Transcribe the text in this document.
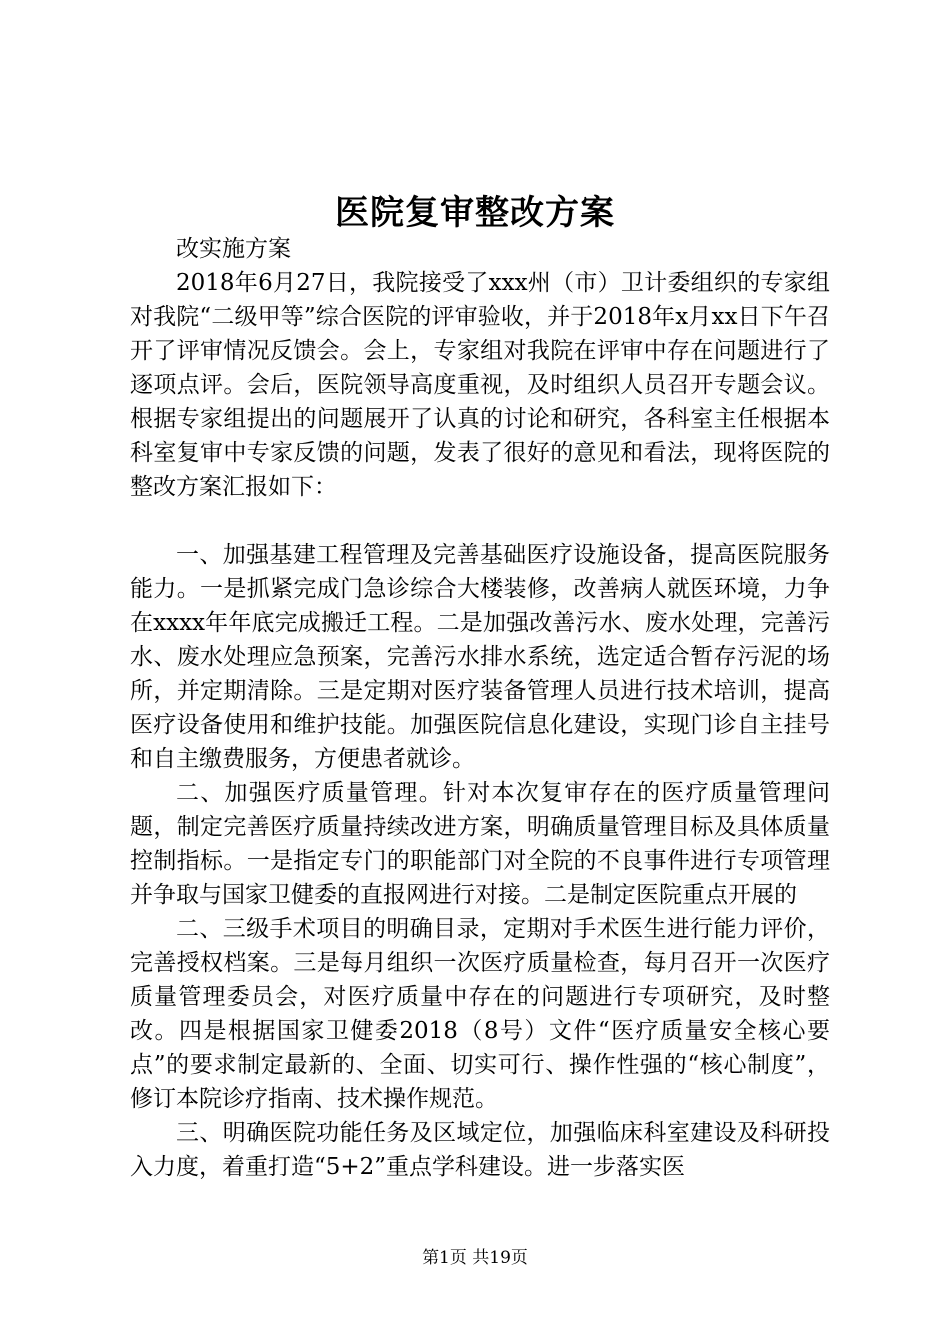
医院复审整改方案

改实施方案

2018年6月27日，我院接受了xxx州（市）卫计委组织的专家组对我院“二级甲等”综合医院的评审验收，并于2018年x月xx日下午召开了评审情况反馈会。会上，专家组对我院在评审中存在问题进行了逐项点评。会后，医院领导高度重视，及时组织人员召开专题会议。根据专家组提出的问题展开了认真的讨论和研究，各科室主任根据本科室复审中专家反馈的问题，发表了很好的意见和看法，现将医院的整改方案汇报如下：

一、加强基建工程管理及完善基础医疗设施设备，提高医院服务能力。一是抓紧完成门急诊综合大楼装修，改善病人就医环境，力争在xxxx年年底完成搬迁工程。二是加强改善污水、废水处理，完善污水、废水处理应急预案，完善污水排水系统，选定适合暂存污泥的场所，并定期清除。三是定期对医疗装备管理人员进行技术培训，提高医疗设备使用和维护技能。加强医院信息化建设，实现门诊自主挂号和自主缴费服务，方便患者就诊。

二、加强医疗质量管理。针对本次复审存在的医疗质量管理问题，制定完善医疗质量持续改进方案，明确质量管理目标及具体质量控制指标。一是指定专门的职能部门对全院的不良事件进行专项管理并争取与国家卫健委的直报网进行对接。二是制定医院重点开展的

二、三级手术项目的明确目录，定期对手术医生进行能力评价，完善授权档案。三是每月组织一次医疗质量检查，每月召开一次医疗质量管理委员会，对医疗质量中存在的问题进行专项研究，及时整改。四是根据国家卫健委2018（8号）文件“医疗质量安全核心要点”的要求制定最新的、全面、切实可行、操作性强的“核心制度”，修订本院诊疗指南、技术操作规范。

三、明确医院功能任务及区域定位，加强临床科室建设及科研投入力度，着重打造“5+2”重点学科建设。进一步落实医

第1页 共19页
